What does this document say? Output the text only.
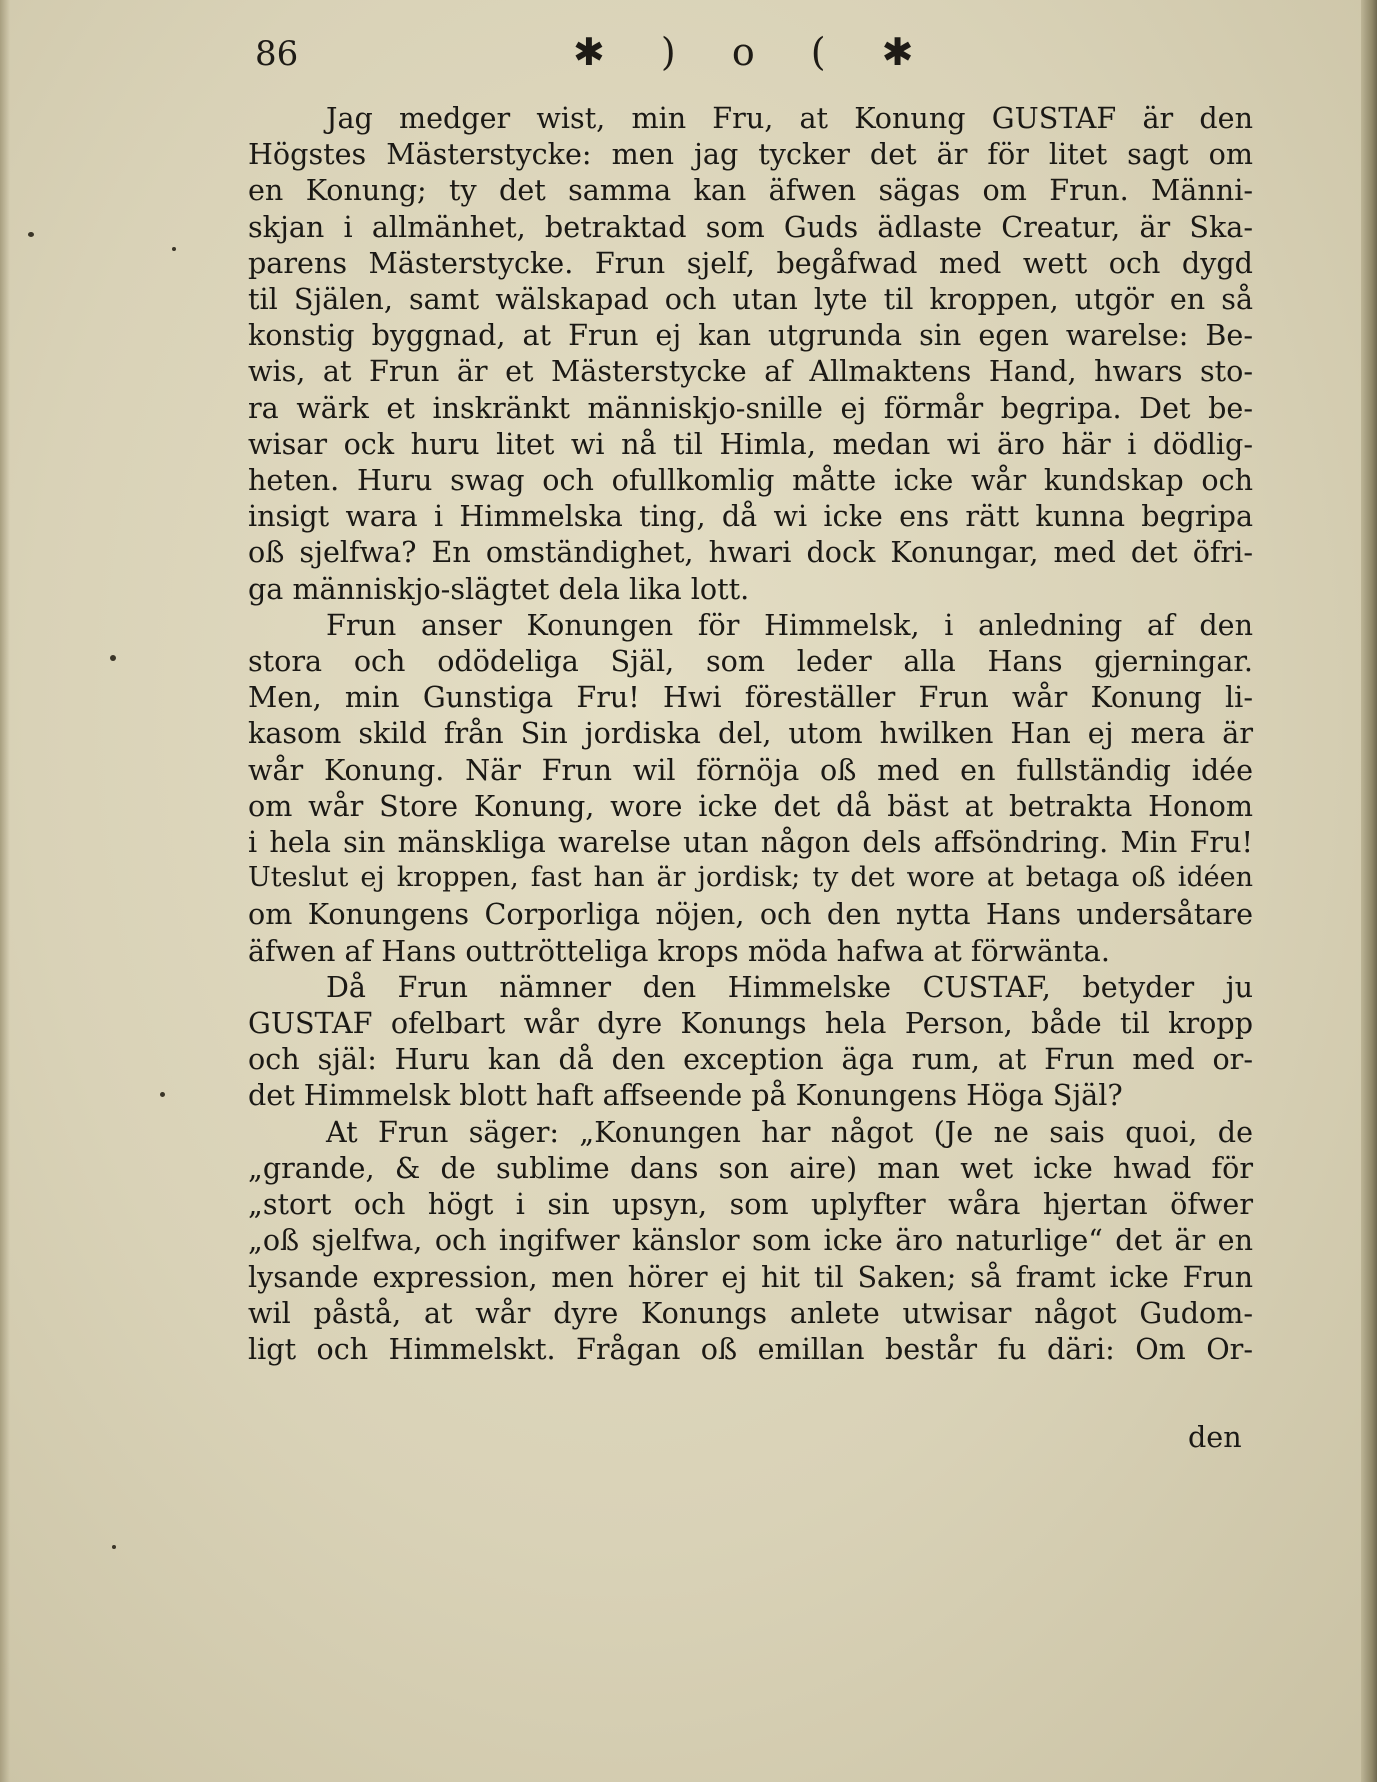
86	✱ ) o ( ✱
Jag medger wist, min Fru, at Konung GUSTAF är den
Högstes Mästerstycke: men jag tycker det är för litet sagt om
en Konung; ty det samma kan äfwen sägas om Frun. Männi-
skjan i allmänhet, betraktad som Guds ädlaste Creatur, är Ska-
parens Mästerstycke. Frun sjelf, begåfwad med wett och dygd
til Själen, samt wälskapad och utan lyte til kroppen, utgör en så
konstig byggnad, at Frun ej kan utgrunda sin egen warelse: Be-
wis, at Frun är et Mästerstycke af Allmaktens Hand, hwars sto-
ra wärk et inskränkt människjo-snille ej förmår begripa. Det be-
wisar ock huru litet wi nå til Himla, medan wi äro här i dödlig-
heten. Huru swag och ofullkomlig måtte icke wår kundskap och
insigt wara i Himmelska ting, då wi icke ens rätt kunna begripa
oß sjelfwa? En omständighet, hwari dock Konungar, med det öfri-
ga människjo-slägtet dela lika lott.
Frun anser Konungen för Himmelsk, i anledning af den
stora och odödeliga Själ, som leder alla Hans gjerningar.
Men, min Gunstiga Fru! Hwi föreställer Frun wår Konung li-
kasom skild från Sin jordiska del, utom hwilken Han ej mera är
wår Konung. När Frun wil förnöja oß med en fullständig idée
om wår Store Konung, wore icke det då bäst at betrakta Honom
i hela sin mänskliga warelse utan någon dels affsöndring. Min Fru!
Uteslut ej kroppen, fast han är jordisk; ty det wore at betaga oß idéen
om Konungens Corporliga nöjen, och den nytta Hans undersåtare
äfwen af Hans outtröttеliga krops möda hafwa at förwänta.
Då Frun nämner den Himmelske CUSTAF, betyder ju
GUSTAF ofelbart wår dyre Konungs hela Person, både til kropp
och själ: Huru kan då den exception äga rum, at Frun med or-
det Himmelsk blott haft affseende på Konungens Höga Själ?
At Frun säger: „Konungen har något (Je ne sais quoi, de
„grande, & de sublime dans son aire) man wet icke hwad för
„stort och högt i sin upsyn, som uplyfter wåra hjertan öfwer
„oß sjelfwa, och ingifwer känslor som icke äro naturlige“ det är en
lysande expression, men hörer ej hit til Saken; så framt icke Frun
wil påstå, at wår dyre Konungs anlete utwisar något Gudom-
ligt och Himmelskt. Frågan oß emillan består fu däri: Om Or-
den
